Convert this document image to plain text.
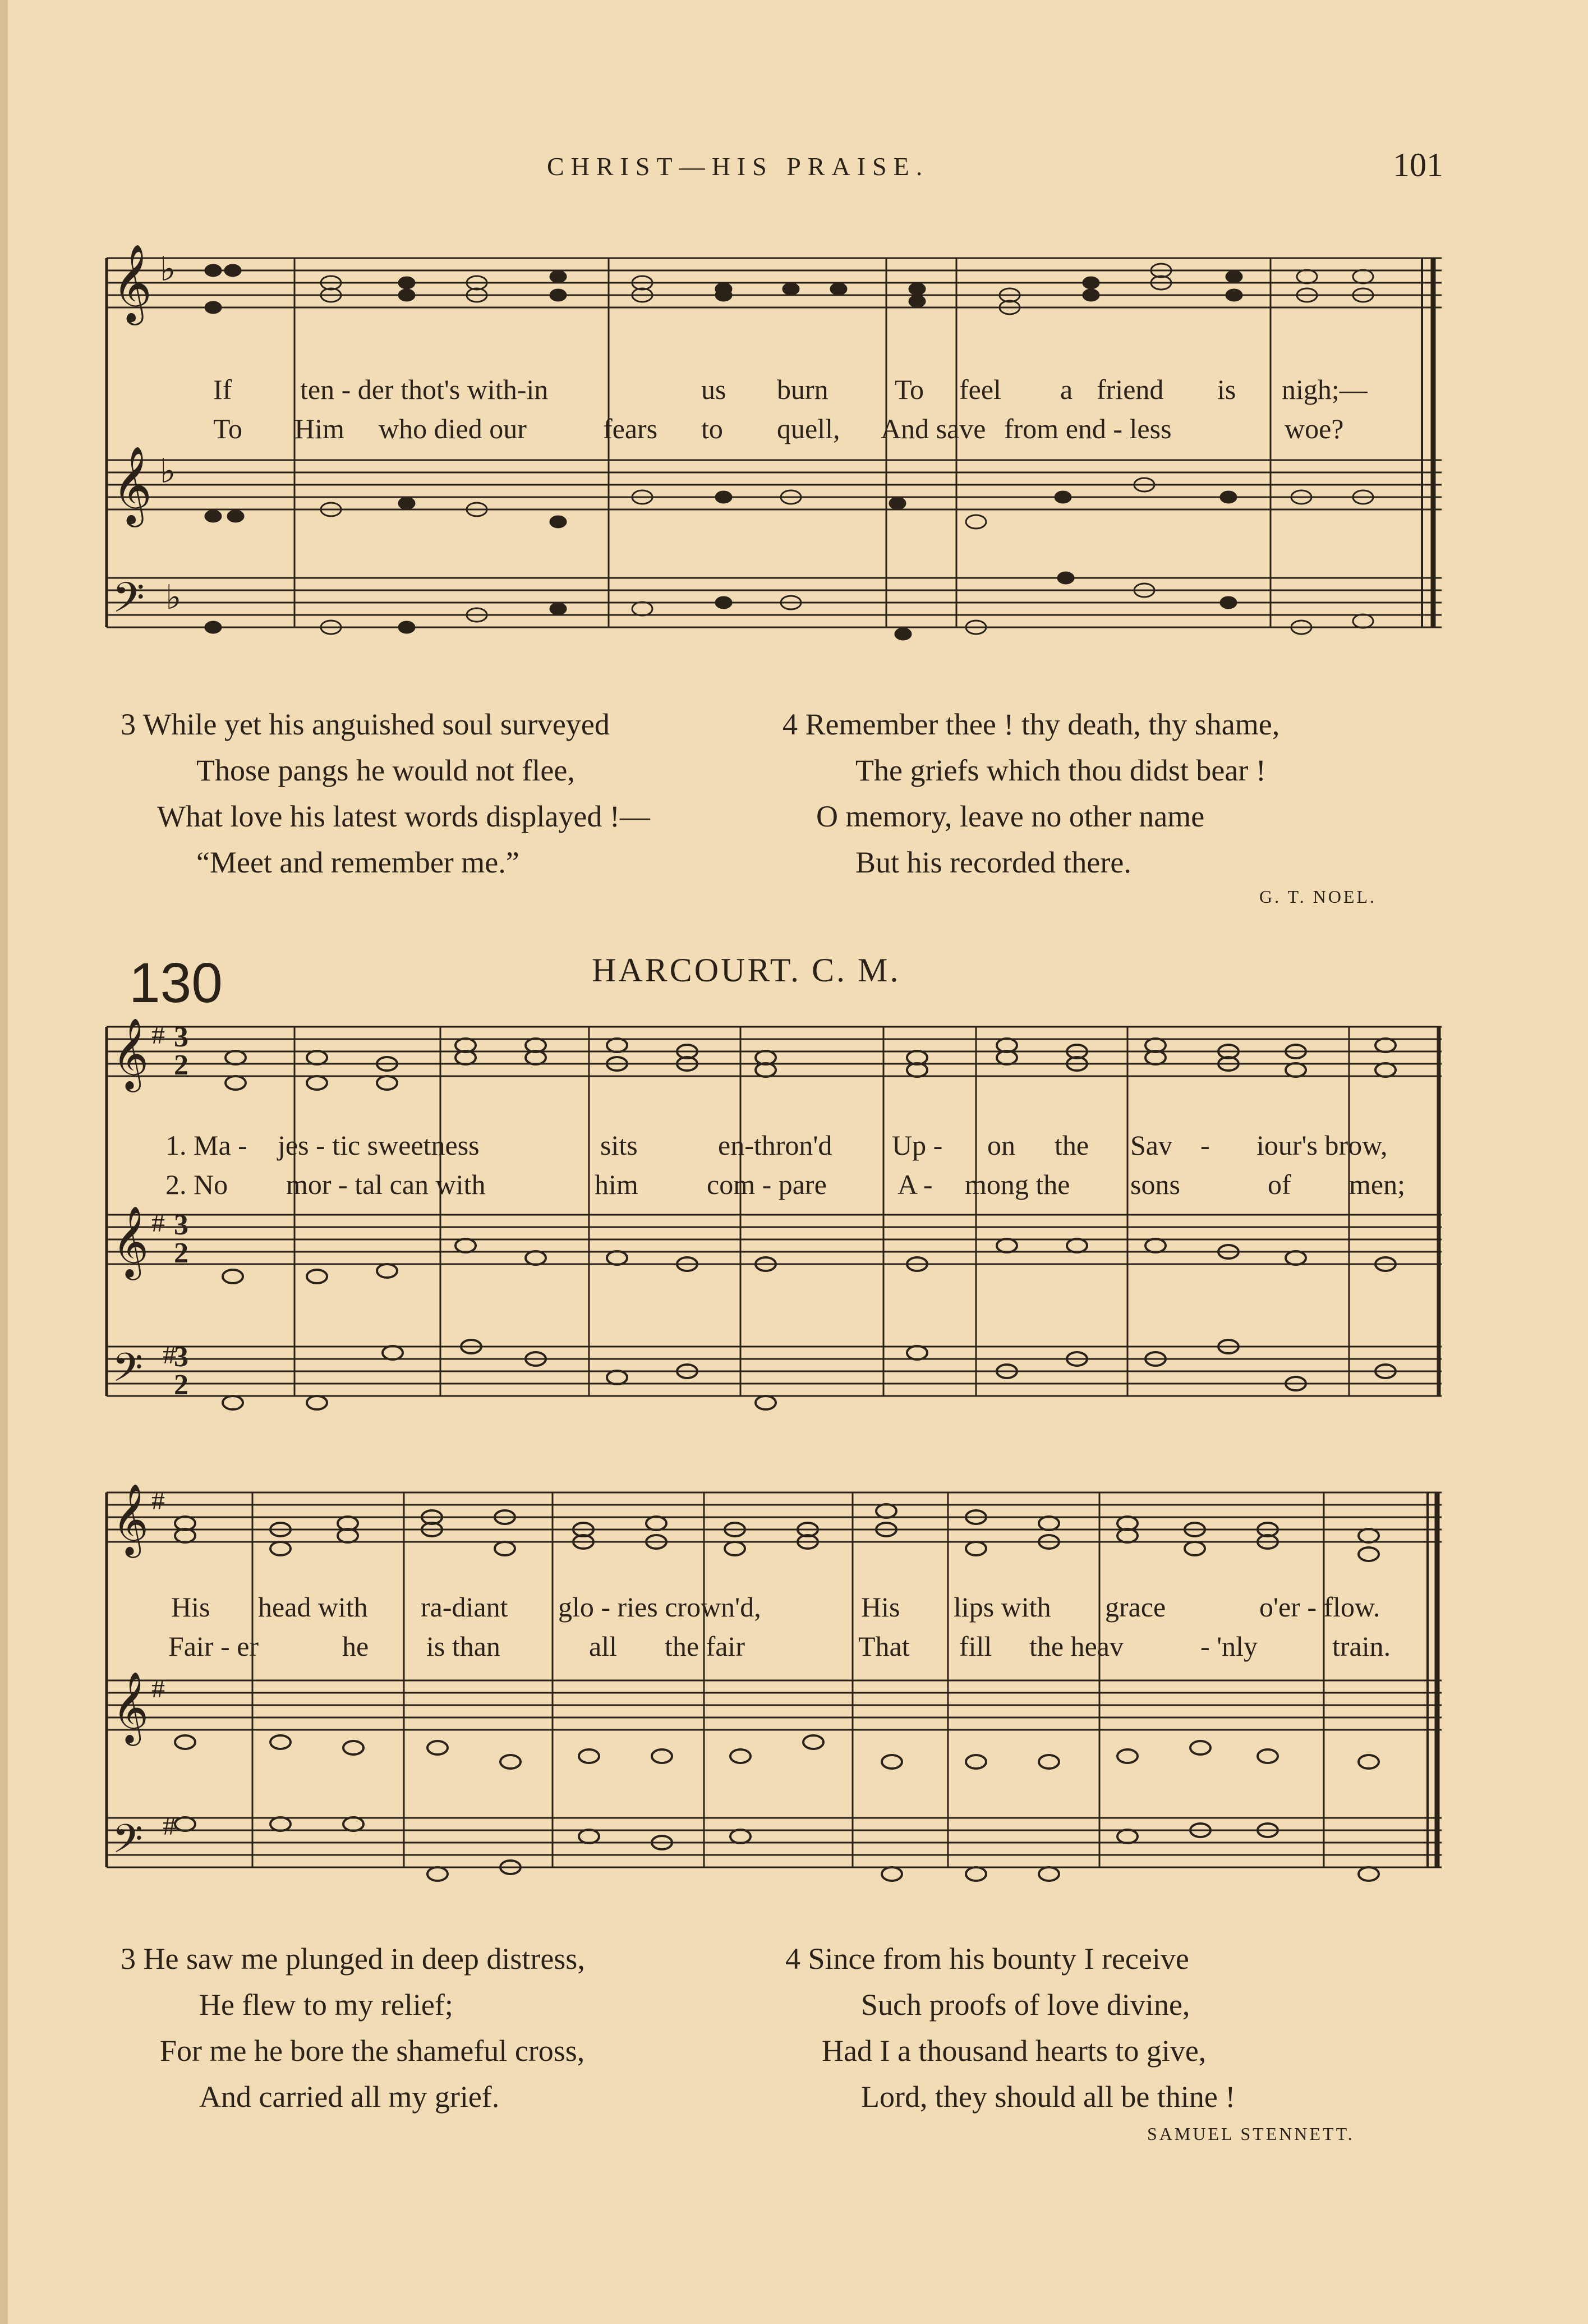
CHRIST—HIS PRAISE.	101
𝄞
𝄞
𝄢
♭
♭
♭
If ten - der thot's with-in	us burn To feel a friend is nigh;—
To Him who died our	fears to quell, And save from end - less	woe?
3 While yet his anguished soul surveyed
Those pangs he would not flee,
What love his latest words displayed !—
“Meet and remember me.”
4 Remember thee ! thy death, thy shame,
The griefs which thou didst bear !
O memory, leave no other name
But his recorded there.
G. T. NOEL.
130	HARCOURT. C. M.
𝄞
𝄞
𝄢
#
#
#
3
2
3
2
3
2
1. Ma - jes - tic sweetness	sits	en-thron'd Up - on the Sav - iour's brow,
2. No mor - tal can with	him com - pare	A - mong the sons	of men;
𝄞
𝄞
𝄢
#
#
#
His head with ra-diant glo - ries crown'd,	His lips with grace	o'er - flow.
Fair - er	he is than	all the fair	That fill the heav	- 'nly	train.
3 He saw me plunged in deep distress,
He flew to my relief;
For me he bore the shameful cross,
And carried all my grief.
4 Since from his bounty I receive
Such proofs of love divine,
Had I a thousand hearts to give,
Lord, they should all be thine !
SAMUEL STENNETT.
